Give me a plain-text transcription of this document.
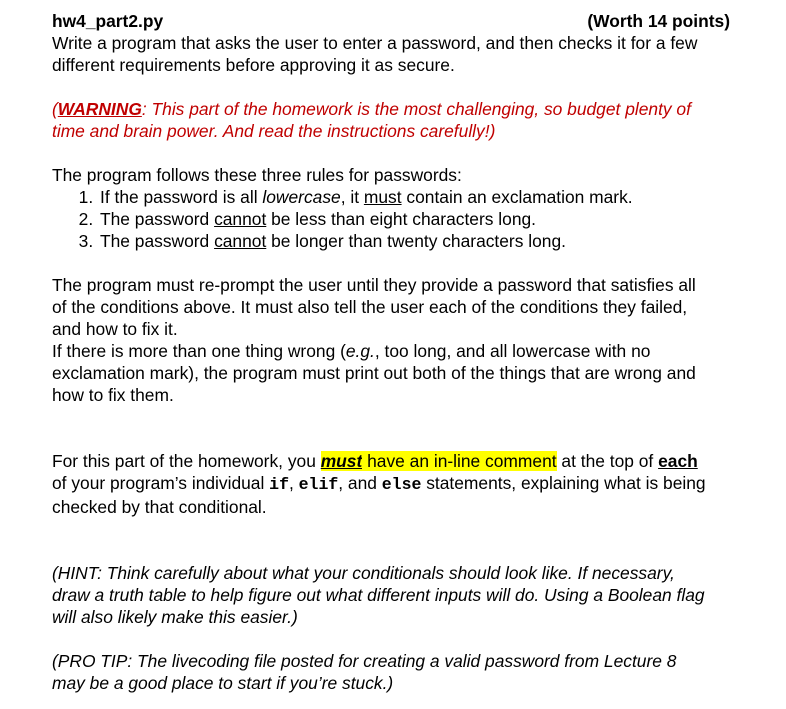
hw4_part2.py	(Worth 14 points)

Write a program that asks the user to enter a password, and then checks it for a few different requirements before approving it as secure.

(WARNING: This part of the homework is the most challenging, so budget plenty of time and brain power. And read the instructions carefully!)

The program follows these three rules for passwords:

1. If the password is all lowercase, it must contain an exclamation mark.
2. The password cannot be less than eight characters long.
3. The password cannot be longer than twenty characters long.

The program must re-prompt the user until they provide a password that satisfies all of the conditions above. It must also tell the user each of the conditions they failed, and how to fix it.

If there is more than one thing wrong (e.g., too long, and all lowercase with no exclamation mark), the program must print out both of the things that are wrong and how to fix them.

For this part of the homework, you must have an in-line comment at the top of each of your program’s individual if, elif, and else statements, explaining what is being checked by that conditional.

(HINT: Think carefully about what your conditionals should look like. If necessary, draw a truth table to help figure out what different inputs will do. Using a Boolean flag will also likely make this easier.)

(PRO TIP: The livecoding file posted for creating a valid password from Lecture 8 may be a good place to start if you’re stuck.)
